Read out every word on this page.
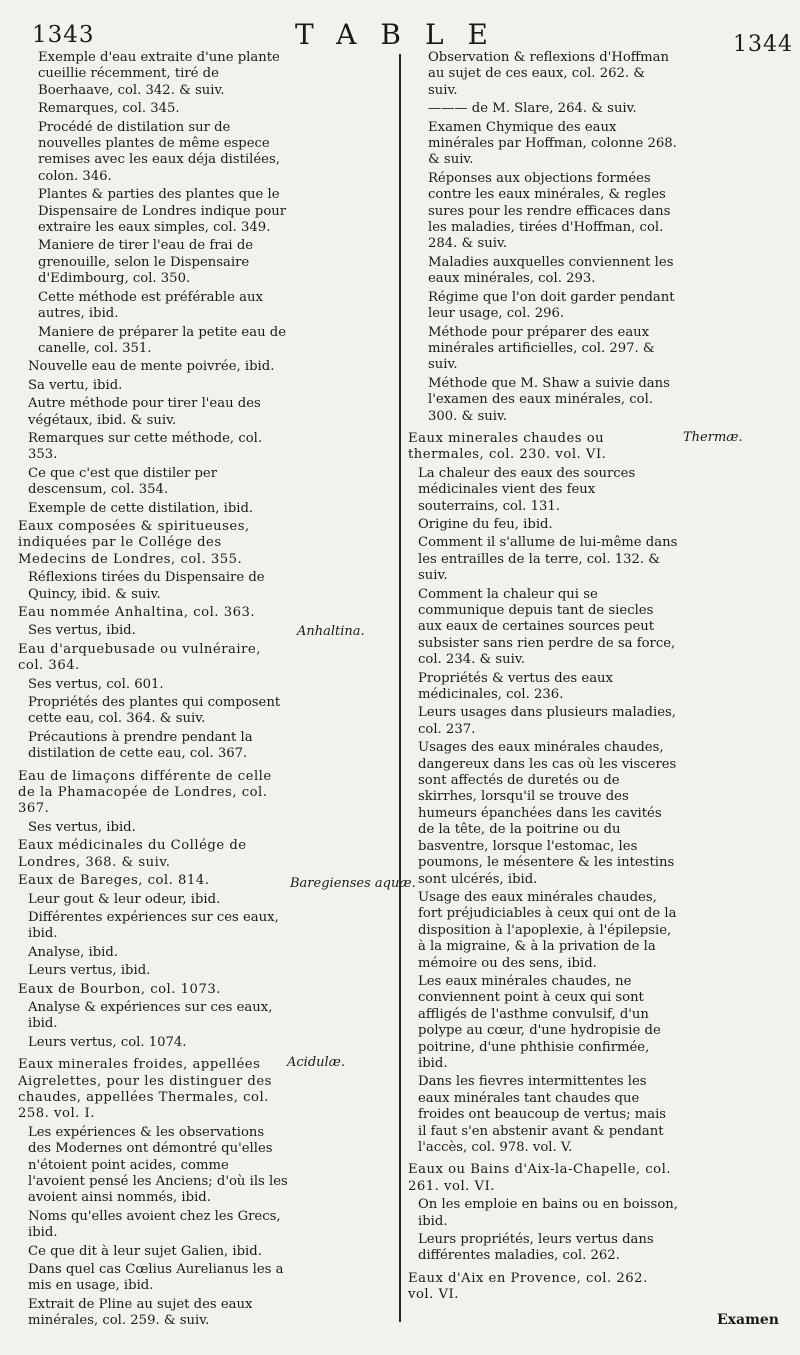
1343	TABLE	1344

Exemple d'eau extraite d'une plante cueillie récemment, tiré de Boerhaave, col. 342. & suiv.

Remarques, col. 345.

Procédé de distilation sur de nouvelles plantes de même espece remises avec les eaux déja distilées, colon. 346.

Plantes & parties des plantes que le Dispensaire de Londres indique pour extraire les eaux simples, col. 349.

Maniere de tirer l'eau de frai de grenouille, selon le Dispensaire d'Edimbourg, col. 350.

Cette méthode est préférable aux autres, ibid.

Maniere de préparer la petite eau de canelle, col. 351.

Nouvelle eau de mente poivrée, ibid.

Sa vertu, ibid.

Autre méthode pour tirer l'eau des végétaux, ibid. & suiv.

Remarques sur cette méthode, col. 353.

Ce que c'est que distiler per descensum, col. 354.

Exemple de cette distilation, ibid.

Eaux composées & spiritueuses, indiquées par le Collége des Medecins de Londres, col. 355.

Réflexions tirées du Dispensaire de Quincy, ibid. & suiv.

Eau nommée Anhaltina, col. 363.

Ses vertus, ibid.

Eau d'arquebusade ou vulnéraire, col. 364.

Ses vertus, col. 601.

Propriétés des plantes qui composent cette eau, col. 364. & suiv.

Précautions à prendre pendant la distilation de cette eau, col. 367.

Eau de limaçons différente de celle de la Phamacopée de Londres, col. 367.

Ses vertus, ibid.

Eaux médicinales du Collége de Londres, 368. & suiv.

Eaux de Bareges, col. 814.

Leur gout & leur odeur, ibid.

Différentes expériences sur ces eaux, ibid.

Analyse, ibid.

Leurs vertus, ibid.

Eaux de Bourbon, col. 1073.

Analyse & expériences sur ces eaux, ibid.

Leurs vertus, col. 1074.

Eaux minerales froides, appellées Aigrelettes, pour les distinguer des chaudes, appellées Thermales, col. 258. vol. I.

Les expériences & les observations des Modernes ont démontré qu'elles n'étoient point acides, comme l'avoient pensé les Anciens; d'où ils les avoient ainsi nommés, ibid.

Noms qu'elles avoient chez les Grecs, ibid.

Ce que dit à leur sujet Galien, ibid.

Dans quel cas Cœlius Aurelianus les a mis en usage, ibid.

Extrait de Pline au sujet des eaux minérales, col. 259. & suiv.

Observation & reflexions d'Hoffman au sujet de ces eaux, col. 262. & suiv.

——— de M. Slare, 264. & suiv.

Examen Chymique des eaux minérales par Hoffman, colonne 268. & suiv.

Réponses aux objections formées contre les eaux minérales, & regles sures pour les rendre efficaces dans les maladies, tirées d'Hoffman, col. 284. & suiv.

Maladies auxquelles conviennent les eaux minérales, col. 293.

Régime que l'on doit garder pendant leur usage, col. 296.

Méthode pour préparer des eaux minérales artificielles, col. 297. & suiv.

Méthode que M. Shaw a suivie dans l'examen des eaux minérales, col. 300. & suiv.

Eaux minerales chaudes ou thermales, col. 230. vol. VI.

La chaleur des eaux des sources médicinales vient des feux souterrains, col. 131.

Origine du feu, ibid.

Comment il s'allume de lui-même dans les entrailles de la terre, col. 132. & suiv.

Comment la chaleur qui se communique depuis tant de siecles aux eaux de certaines sources peut subsister sans rien perdre de sa force, col. 234. & suiv.

Propriétés & vertus des eaux médicinales, col. 236.

Leurs usages dans plusieurs maladies, col. 237.

Usages des eaux minérales chaudes, dangereux dans les cas où les visceres sont affectés de duretés ou de skirrhes, lorsqu'il se trouve des humeurs épanchées dans les cavités de la tête, de la poitrine ou du basventre, lorsque l'estomac, les poumons, le mésentere & les intestins sont ulcérés, ibid.

Usage des eaux minérales chaudes, fort préjudiciables à ceux qui ont de la disposition à l'apoplexie, à l'épilepsie, à la migraine, & à la privation de la mémoire ou des sens, ibid.

Les eaux minérales chaudes, ne conviennent point à ceux qui sont affligés de l'asthme convulsif, d'un polype au cœur, d'une hydropisie de poitrine, d'une phthisie confirmée, ibid.

Dans les fievres intermittentes les eaux minérales tant chaudes que froides ont beaucoup de vertus; mais il faut s'en abstenir avant & pendant l'accès, col. 978. vol. V.

Eaux ou Bains d'Aix-la-Chapelle, col. 261. vol. VI.

On les emploie en bains ou en boisson, ibid.

Leurs propriétés, leurs vertus dans différentes maladies, col. 262.

Eaux d'Aix en Provence, col. 262. vol. VI.

Anhaltina.
Baregienses aquæ.
Acidulæ.
Thermæ.
Examen
